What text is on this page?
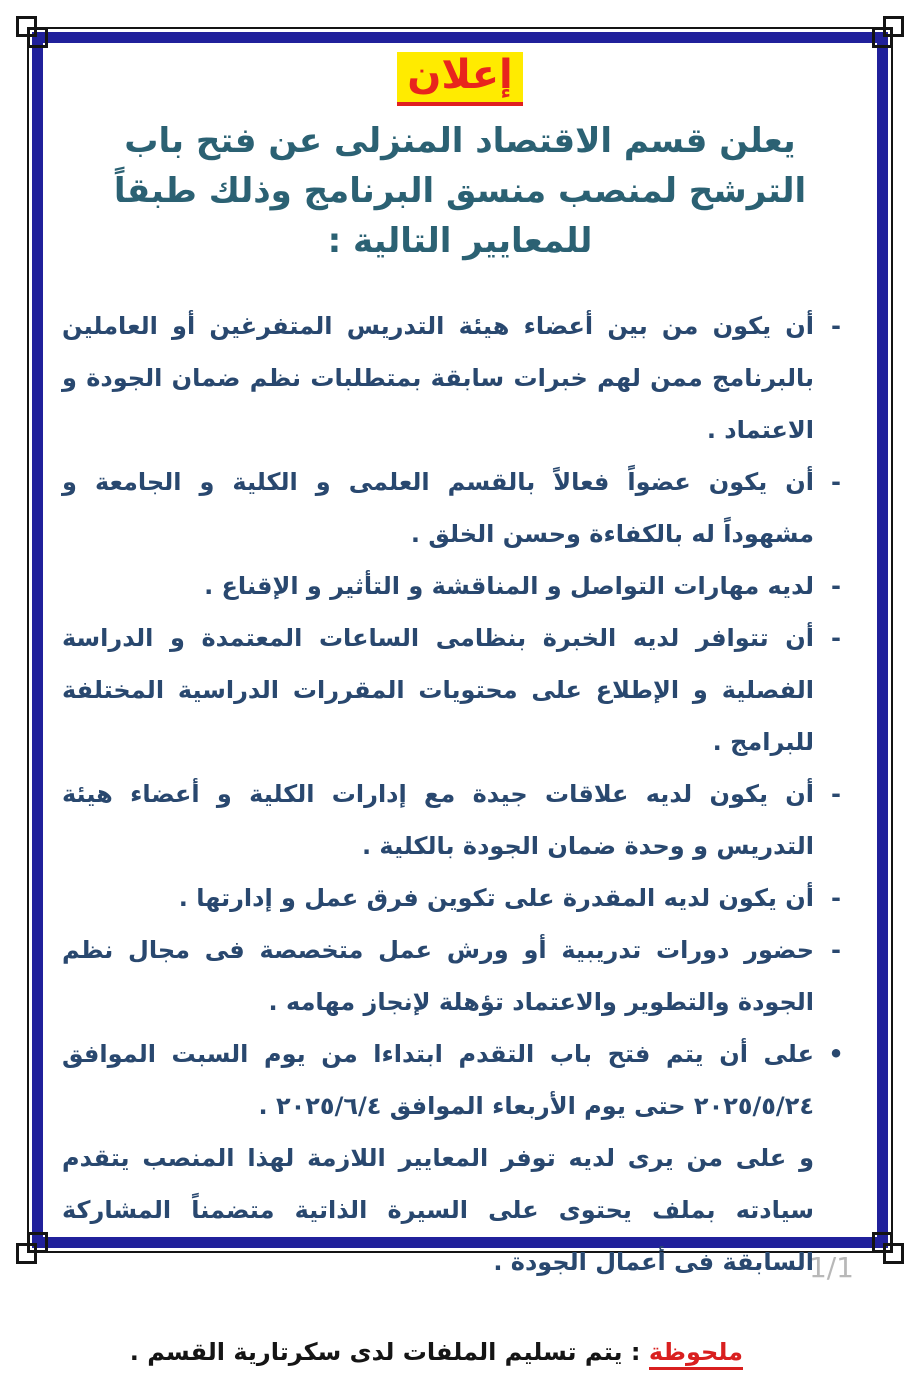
إعلان
يعلن قسم الاقتصاد المنزلى عن فتح باب الترشح لمنصب منسق البرنامج وذلك طبقاً للمعايير التالية :
-
أن يكون من بين أعضاء هيئة التدريس المتفرغين أو العاملين بالبرنامج ممن لهم خبرات سابقة بمتطلبات نظم ضمان الجودة و الاعتماد .
-
أن يكون عضواً فعالاً بالقسم العلمى و الكلية و الجامعة و مشهوداً له بالكفاءة وحسن الخلق .
-
لديه مهارات التواصل و المناقشة و التأثير و الإقناع .
-
أن تتوافر لديه الخبرة بنظامى الساعات المعتمدة و الدراسة الفصلية و الإطلاع على محتويات المقررات الدراسية المختلفة للبرامج .
-
أن يكون لديه علاقات جيدة مع إدارات الكلية و أعضاء هيئة التدريس و وحدة ضمان الجودة بالكلية .
-
أن يكون لديه المقدرة على تكوين فرق عمل و إدارتها .
-
حضور دورات تدريبية أو ورش عمل متخصصة فى مجال نظم الجودة والتطوير والاعتماد تؤهلة لإنجاز مهامه .
•
على أن يتم فتح باب التقدم ابتداءا من يوم السبت الموافق ٢٠٢٥/٥/٢٤ حتى يوم الأربعاء الموافق ٢٠٢٥/٦/٤ .

و على من يرى لديه توفر المعايير اللازمة لهذا المنصب يتقدم سيادته بملف يحتوى على السيرة الذاتية متضمناً المشاركة السابقة فى أعمال الجودة .

ملحوظة : يتم تسليم الملفات لدى سكرتارية القسم .

1/1
